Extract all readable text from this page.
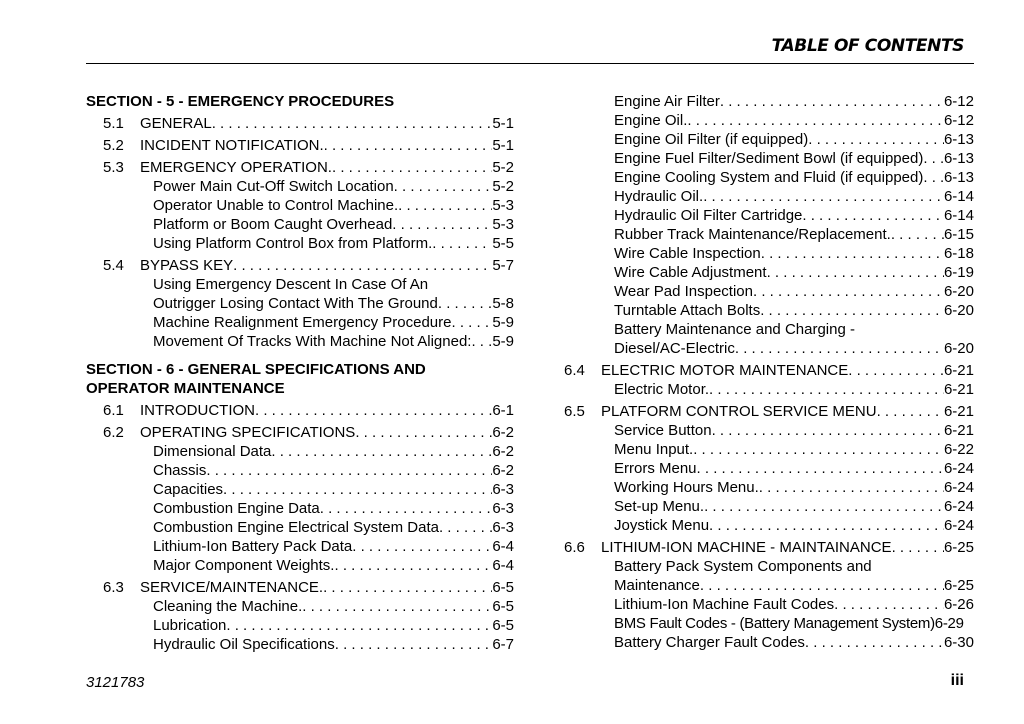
TABLE OF CONTENTS
SECTION - 5 - EMERGENCY PROCEDURES
5.1	GENERAL . . .	5-1
5.2	INCIDENT NOTIFICATION. . . .	5-1
5.3	EMERGENCY OPERATION. . . .	5-2
Power Main Cut-Off Switch Location . . .	5-2
Operator Unable to Control Machine. . . .	5-3
Platform or Boom Caught Overhead . . .	5-3
Using Platform Control Box from Platform. . . .	5-5
5.4	BYPASS KEY . . .	5-7
Using Emergency Descent In Case Of An
Outrigger Losing Contact With The Ground . . .	5-8
Machine Realignment Emergency Procedure . . .	5-9
Movement Of Tracks With Machine Not Aligned: . . . 5-9
SECTION - 6 - GENERAL SPECIFICATIONS AND
OPERATOR MAINTENANCE
6.1	INTRODUCTION . . .	6-1
6.2	OPERATING SPECIFICATIONS . . .	6-2
Dimensional Data . . .	6-2
Chassis . . .	6-2
Capacities . . .	6-3
Combustion Engine Data . . .	6-3
Combustion Engine Electrical System Data . . .	6-3
Lithium-Ion Battery Pack Data . . .	6-4
Major Component Weights. . . .	6-4
6.3	SERVICE/MAINTENANCE. . . .	6-5
Cleaning the Machine. . . .	6-5
Lubrication . . .	6-5
Hydraulic Oil Specifications . . .	6-7
Engine Air Filter . . .	6-12
Engine Oil. . . .	6-12
Engine Oil Filter (if equipped) . . .	6-13
Engine Fuel Filter/Sediment Bowl (if equipped) . . . 6-13
Engine Cooling System and Fluid (if equipped) . . . 6-13
Hydraulic Oil. . . .	6-14
Hydraulic Oil Filter Cartridge . . .	6-14
Rubber Track Maintenance/Replacement. . . .	6-15
Wire Cable Inspection . . .	6-18
Wire Cable Adjustment . . .	6-19
Wear Pad Inspection . . .	6-20
Turntable Attach Bolts . . .	6-20
Battery Maintenance and Charging -
Diesel/AC-Electric . . .	6-20
6.4	ELECTRIC MOTOR MAINTENANCE . . .	6-21
Electric Motor. . . .	6-21
6.5	PLATFORM CONTROL SERVICE MENU . . .	6-21
Service Button . . .	6-21
Menu Input. . . .	6-22
Errors Menu . . .	6-24
Working Hours Menu. . . .	6-24
Set-up Menu. . . .	6-24
Joystick Menu . . .	6-24
6.6	LITHIUM-ION MACHINE - MAINTAINANCE . . .	6-25
Battery Pack System Components and
Maintenance . . .	6-25
Lithium-Ion Machine Fault Codes . . .	6-26
BMS Fault Codes - (Battery Management System) 6-29
Battery Charger Fault Codes . . .	6-30
3121783	iii
